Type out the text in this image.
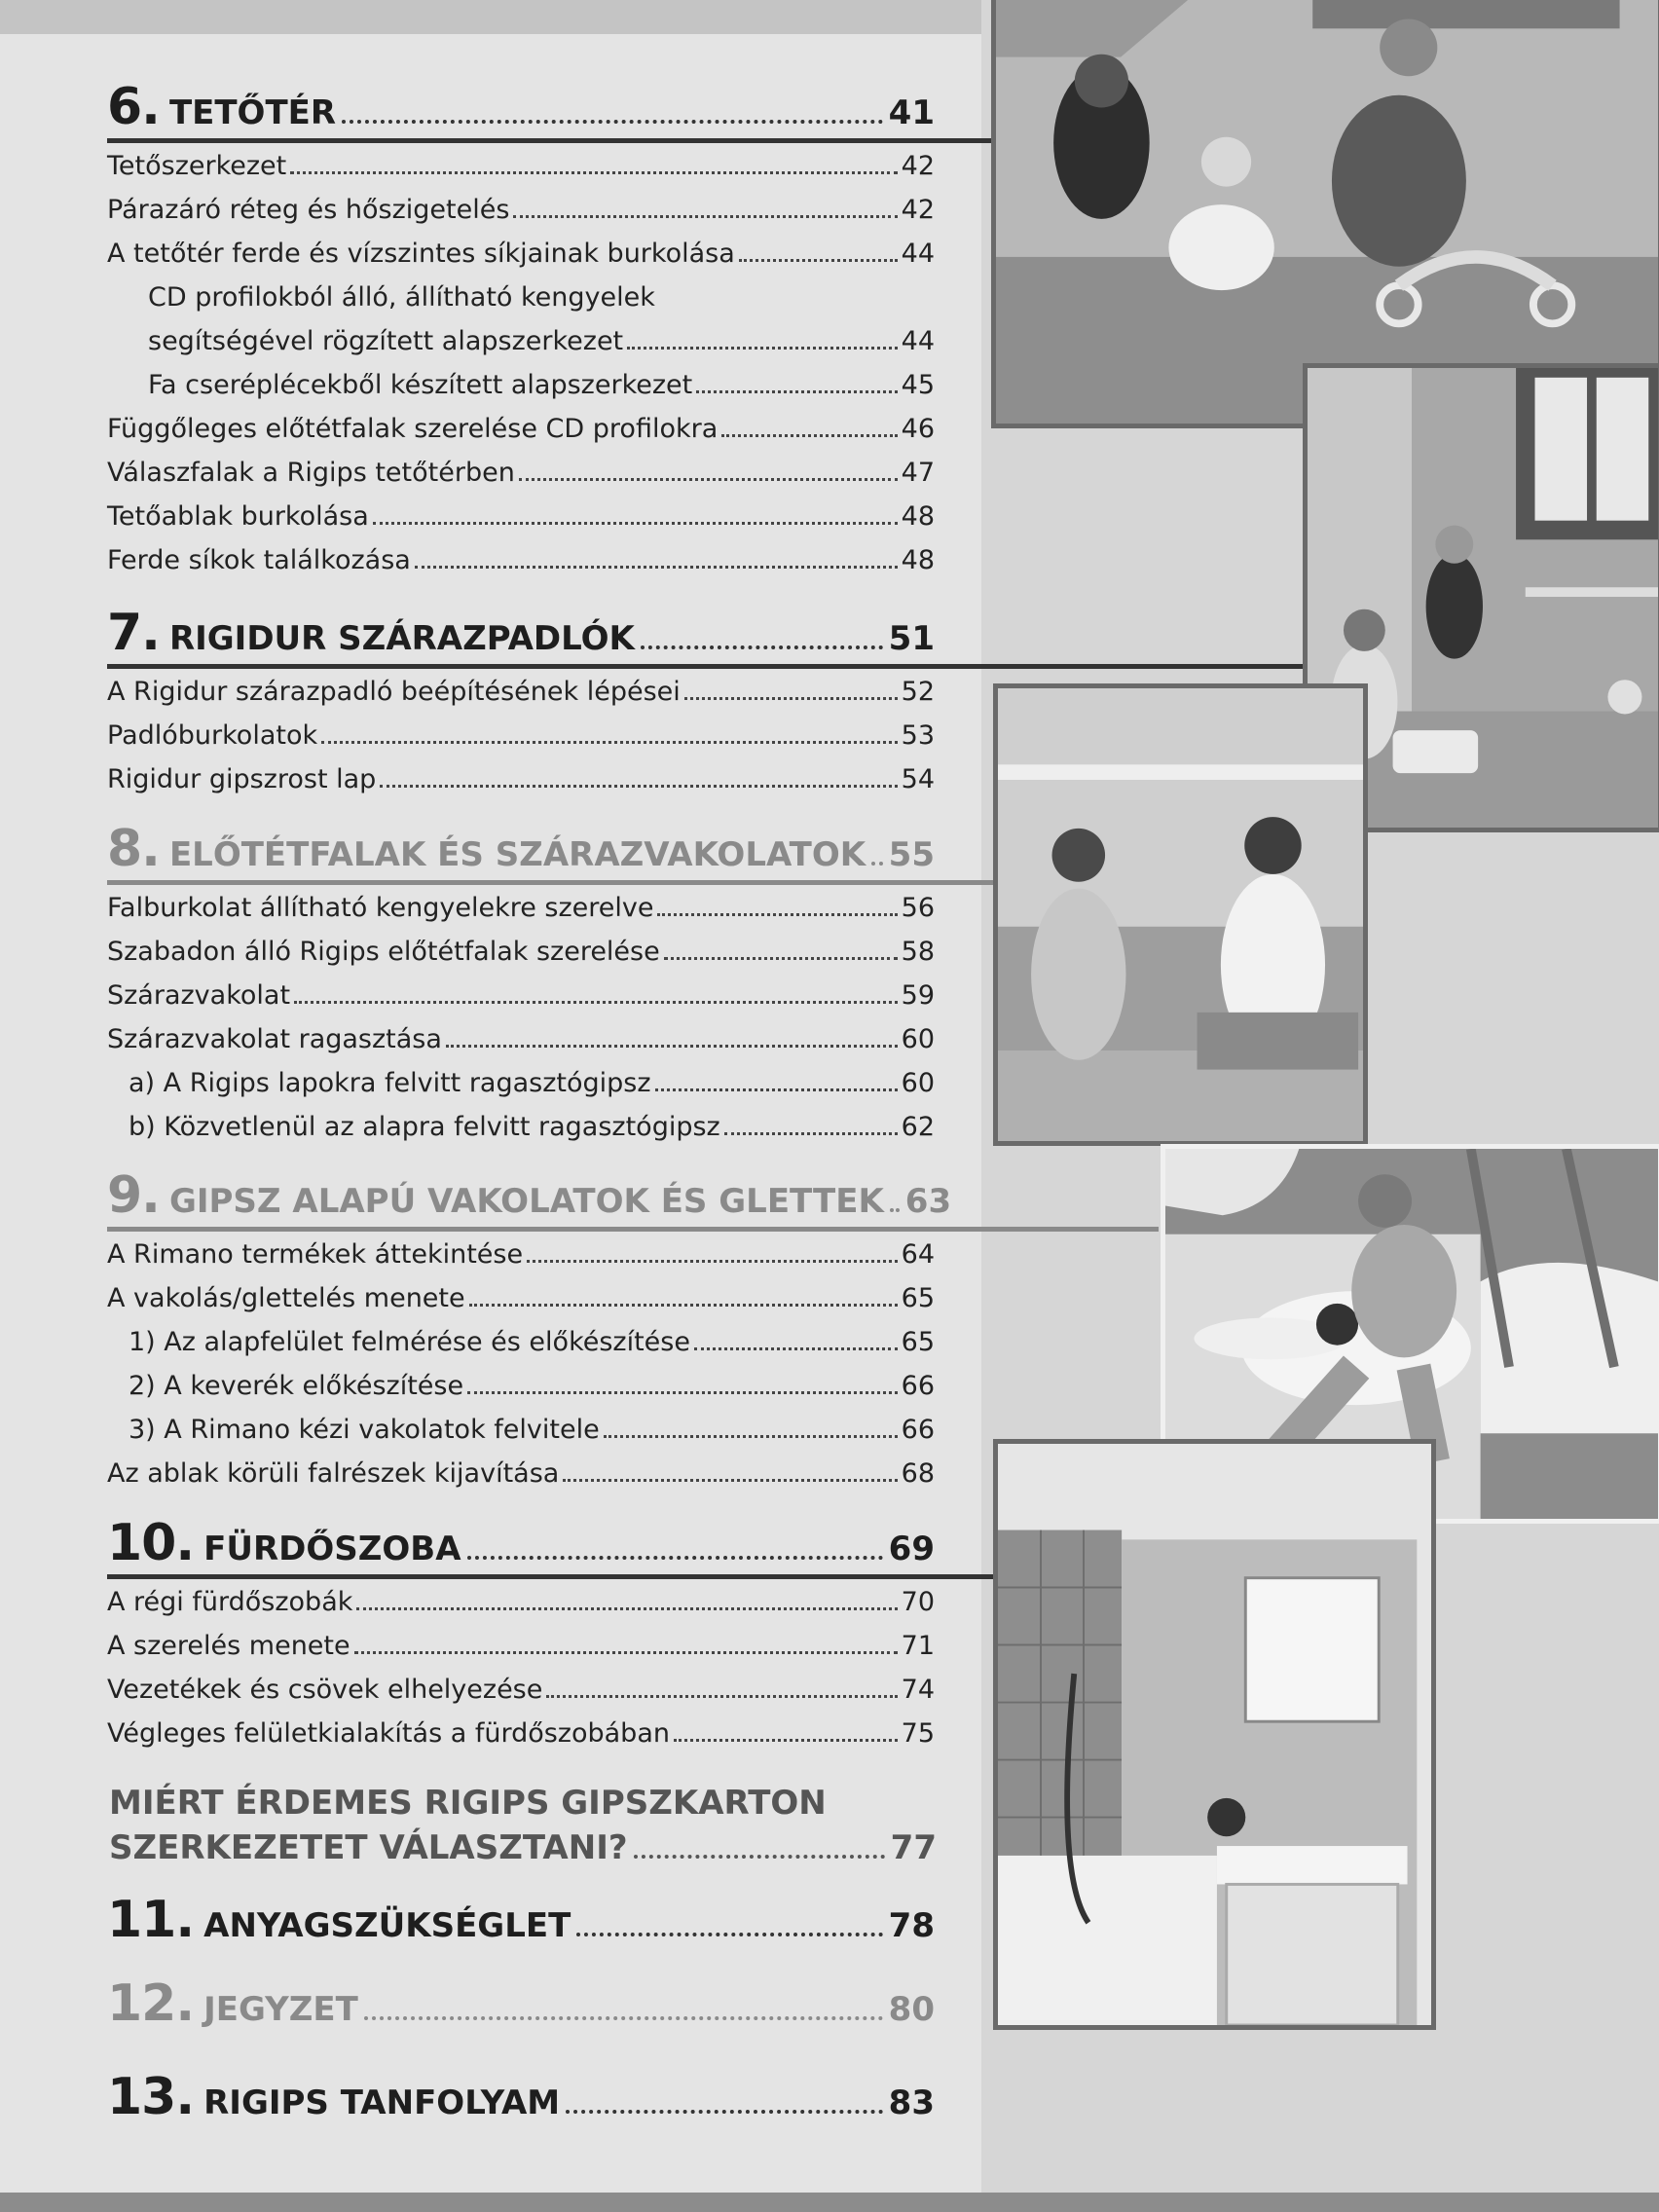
6. TETŐTÉR	41
Tetőszerkezet	42
Párazáró réteg és hőszigetelés	42
A tetőtér ferde és vízszintes síkjainak burkolása	44
CD profilokból álló, állítható kengyelek
segítségével rögzített alapszerkezet	44
Fa cseréplécekből készített alapszerkezet	45
Függőleges előtétfalak szerelése CD profilokra	46
Válaszfalak a Rigips tetőtérben	47
Tetőablak burkolása	48
Ferde síkok találkozása	48
7. RIGIDUR SZÁRAZPADLÓK	51
A Rigidur szárazpadló beépítésének lépései	52
Padlóburkolatok	53
Rigidur gipszrost lap	54
8. ELŐTÉTFALAK ÉS SZÁRAZVAKOLATOK 55
Falburkolat állítható kengyelekre szerelve	56
Szabadon álló Rigips előtétfalak szerelése	58
Szárazvakolat	59
Szárazvakolat ragasztása	60
a) A Rigips lapokra felvitt ragasztógipsz	60
b) Közvetlenül az alapra felvitt ragasztógipsz	62
9. GIPSZ ALAPÚ VAKOLATOK ÉS GLETTEK 63
A Rimano termékek áttekintése	64
A vakolás/glettelés menete	65
1) Az alapfelület felmérése és előkészítése	65
2) A keverék előkészítése	66
3) A Rimano kézi vakolatok felvitele	66
Az ablak körüli falrészek kijavítása	68
10. FÜRDŐSZOBA	69
A régi fürdőszobák	70
A szerelés menete	71
Vezetékek és csövek elhelyezése	74
Végleges felületkialakítás a fürdőszobában	75
MIÉRT ÉRDEMES RIGIPS GIPSZKARTON
SZERKEZETET VÁLASZTANI?	77
11. ANYAGSZÜKSÉGLET	78
12. JEGYZET	80
13. RIGIPS TANFOLYAM	83
